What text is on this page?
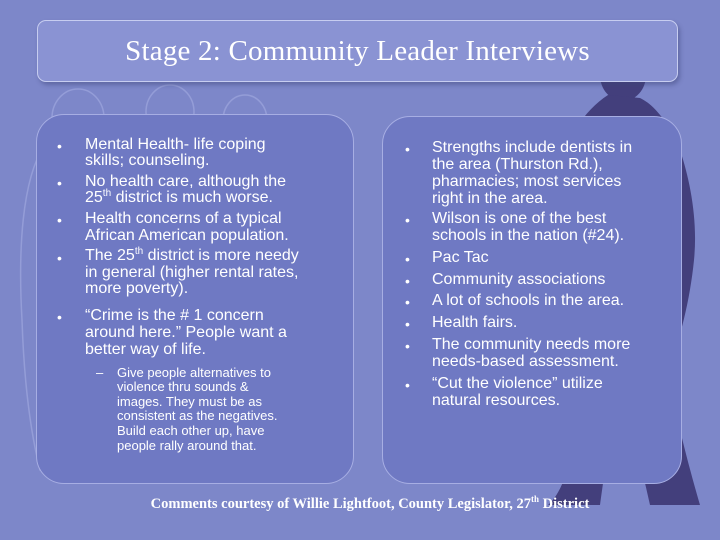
Stage 2: Community Leader Interviews
• Mental Health- life coping
skills; counseling.
• No health care, although the
25th district is much worse.
• Health concerns of a typical
African American population.
• The 25th district is more needy
in general (higher rental rates,
more poverty).
• “Crime is the # 1 concern
around here.” People want a
better way of life.
– Give people alternatives to
violence thru sounds &
images. They must be as
consistent as the negatives.
Build each other up, have
people rally around that.
• Strengths include dentists in
the area (Thurston Rd.),
pharmacies; most services
right in the area.
• Wilson is one of the best
schools in the nation (#24).
• Pac Tac
• Community associations
• A lot of schools in the area.
• Health fairs.
• The community needs more
needs-based assessment.
• “Cut the violence” utilize
natural resources.
Comments courtesy of Willie Lightfoot, County Legislator, 27th District
